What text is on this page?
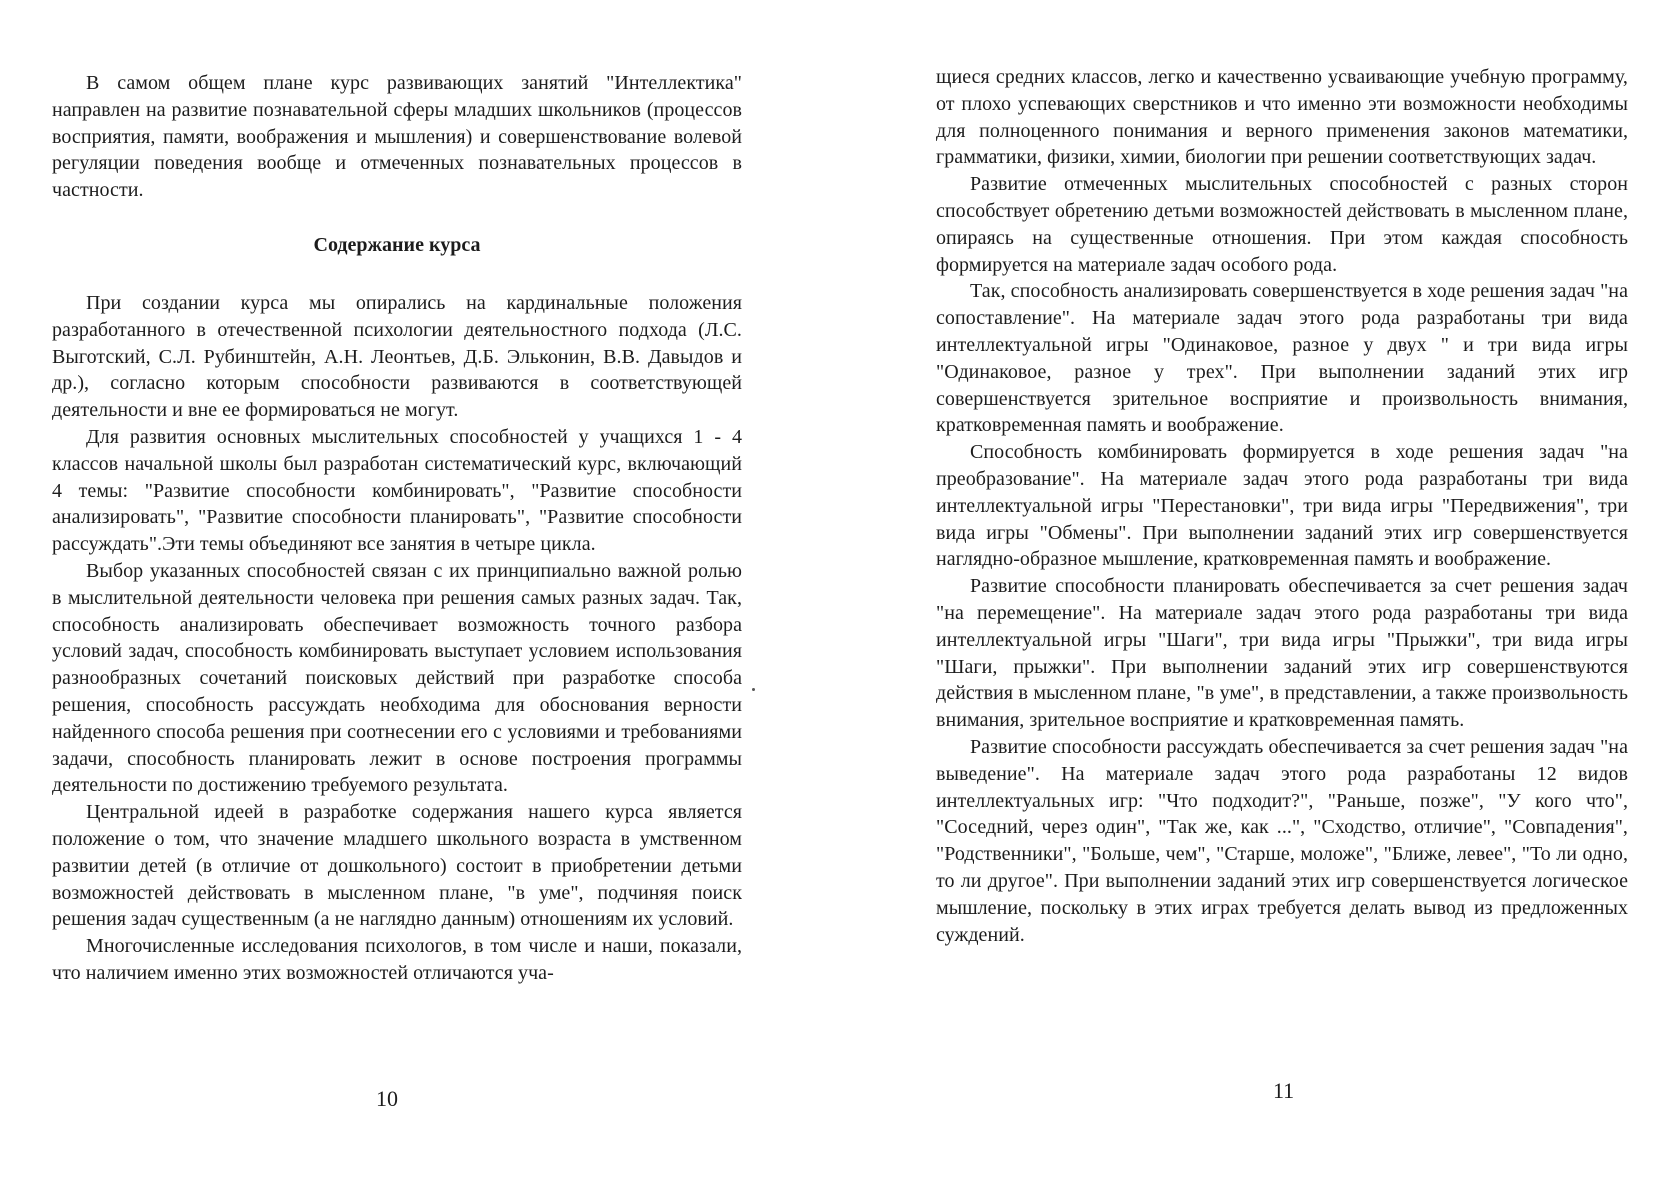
В самом общем плане курс развивающих занятий "Интеллектика" направлен на развитие познавательной сферы младших школьников (процессов восприятия, памяти, воображения и мышления) и совершенствование волевой регуляции поведения вообще и отмеченных познавательных процессов в частности.

Содержание курса

При создании курса мы опирались на кардинальные положения разработанного в отечественной психологии деятельностного подхода (Л.С. Выготский, С.Л. Рубинштейн, А.Н. Леонтьев, Д.Б. Эльконин, В.В. Давыдов и др.), согласно которым способности развиваются в соответствующей деятельности и вне ее формироваться не могут.

Для развития основных мыслительных способностей у учащихся 1 - 4 классов начальной школы был разработан систематический курс, включающий 4 темы: "Развитие способности комбинировать", "Развитие способности анализировать", "Развитие способности планировать", "Развитие способности рассуждать".Эти темы объединяют все занятия в четыре цикла.

Выбор указанных способностей связан с их принципиально важной ролью в мыслительной деятельности человека при решения самых разных задач. Так, способность анализировать обеспечивает возможность точного разбора условий задач, способность комбинировать выступает условием использования разнообразных сочетаний поисковых действий при разработке способа решения, способность рассуждать необходима для обоснования верности найденного способа решения при соотнесении его с условиями и требованиями задачи, способность планировать лежит в основе построения программы деятельности по достижению требуемого результата.

Центральной идеей в разработке содержания нашего курса является положение о том, что значение младшего школьного возраста в умственном развитии детей (в отличие от дошкольного) состоит в приобретении детьми возможностей действовать в мысленном плане, "в уме", подчиняя поиск решения задач существенным (а не наглядно данным) отношениям их условий.

Многочисленные исследования психологов, в том числе и наши, показали, что наличием именно этих возможностей отличаются уча-

10

щиеся средних классов, легко и качественно усваивающие учебную программу, от плохо успевающих сверстников и что именно эти возможности необходимы для полноценного понимания и верного применения законов математики, грамматики, физики, химии, биологии при решении соответствующих задач.

Развитие отмеченных мыслительных способностей с разных сторон способствует обретению детьми возможностей действовать в мысленном плане, опираясь на существенные отношения. При этом каждая способность формируется на материале задач особого рода.

Так, способность анализировать совершенствуется в ходе решения задач "на сопоставление". На материале задач этого рода разработаны три вида интеллектуальной игры "Одинаковое, разное у двух " и три вида игры "Одинаковое, разное у трех". При выполнении заданий этих игр совершенствуется зрительное восприятие и произвольность внимания, кратковременная память и воображение.

Способность комбинировать формируется в ходе решения задач "на преобразование". На материале задач этого рода разработаны три вида интеллектуальной игры "Перестановки", три вида игры "Передвижения", три вида игры "Обмены". При выполнении заданий этих игр совершенствуется наглядно-образное мышление, кратковременная память и воображение.

Развитие способности планировать обеспечивается за счет решения задач "на перемещение". На материале задач этого рода разработаны три вида интеллектуальной игры "Шаги", три вида игры "Прыжки", три вида игры "Шаги, прыжки". При выполнении заданий этих игр совершенствуются действия в мысленном плане, "в уме", в представлении, а также произвольность внимания, зрительное восприятие и кратковременная память.

Развитие способности рассуждать обеспечивается за счет решения задач "на выведение". На материале задач этого рода разработаны 12 видов интеллектуальных игр: "Что подходит?", "Раньше, позже", "У кого что", "Соседний, через один", "Так же, как ...", "Сходство, отличие", "Совпадения", "Родственники", "Больше, чем", "Старше, моложе", "Ближе, левее", "То ли одно, то ли другое". При выполнении заданий этих игр совершенствуется логическое мышление, поскольку в этих играх требуется делать вывод из предложенных суждений.

11
